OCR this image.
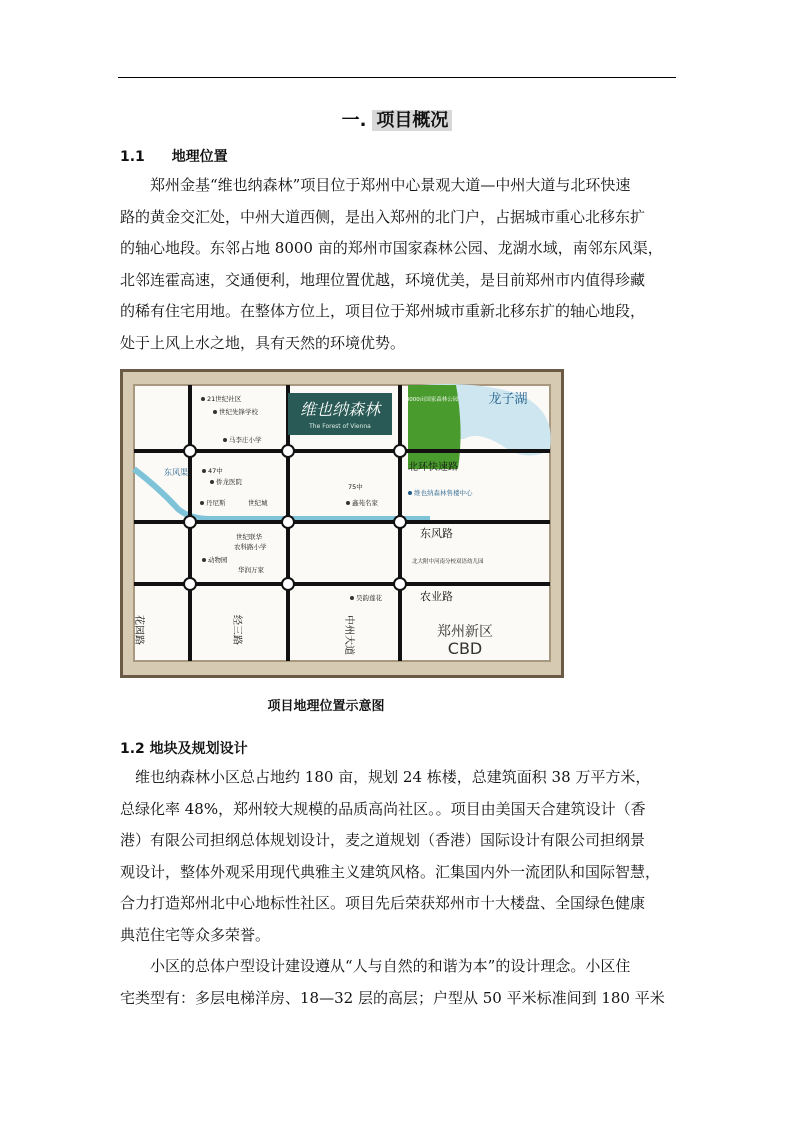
一. 项目概况
1.1 地理位置
郑州金基“维也纳森林”项目位于郑州中心景观大道—中州大道与北环快速
路的黄金交汇处，中州大道西侧，是出入郑州的北门户，占据城市重心北移东扩
的轴心地段。东邻占地 8000 亩的郑州市国家森林公园、龙湖水域，南邻东风渠，
北邻连霍高速，交通便利，地理位置优越，环境优美，是目前郑州市内值得珍藏
的稀有住宅用地。在整体方位上，项目位于郑州城市重新北移东扩的轴心地段，
处于上风上水之地，具有天然的环境优势。
维也纳森林
The Forest of Vienna
龙子湖
8000亩国家森林公园
北环快速路
东风路
东风渠
农业路
花园路	经三路	中州大道	郑州新区
CBD
21世纪社区
世纪先锋学校
马李庄小学
47中
侨龙医院
丹尼斯	世纪城
75中
鑫苑名家
维也纳森林售楼中心
世纪联华
农科路小学
动物园
华润万家
北大附中河南分校双语幼儿园
昊韵莲花
项目地理位置示意图
1.2 地块及规划设计
维也纳森林小区总占地约 180 亩，规划 24 栋楼，总建筑面积 38 万平方米，
总绿化率 48%，郑州较大规模的品质高尚社区。。项目由美国天合建筑设计（香
港）有限公司担纲总体规划设计，麦之道规划（香港）国际设计有限公司担纲景
观设计，整体外观采用现代典雅主义建筑风格。汇集国内外一流团队和国际智慧，
合力打造郑州北中心地标性社区。项目先后荣获郑州市十大楼盘、全国绿色健康
典范住宅等众多荣誉。
小区的总体户型设计建设遵从“人与自然的和谐为本”的设计理念。小区住
宅类型有：多层电梯洋房、18—32 层的高层；户型从 50 平米标准间到 180 平米
